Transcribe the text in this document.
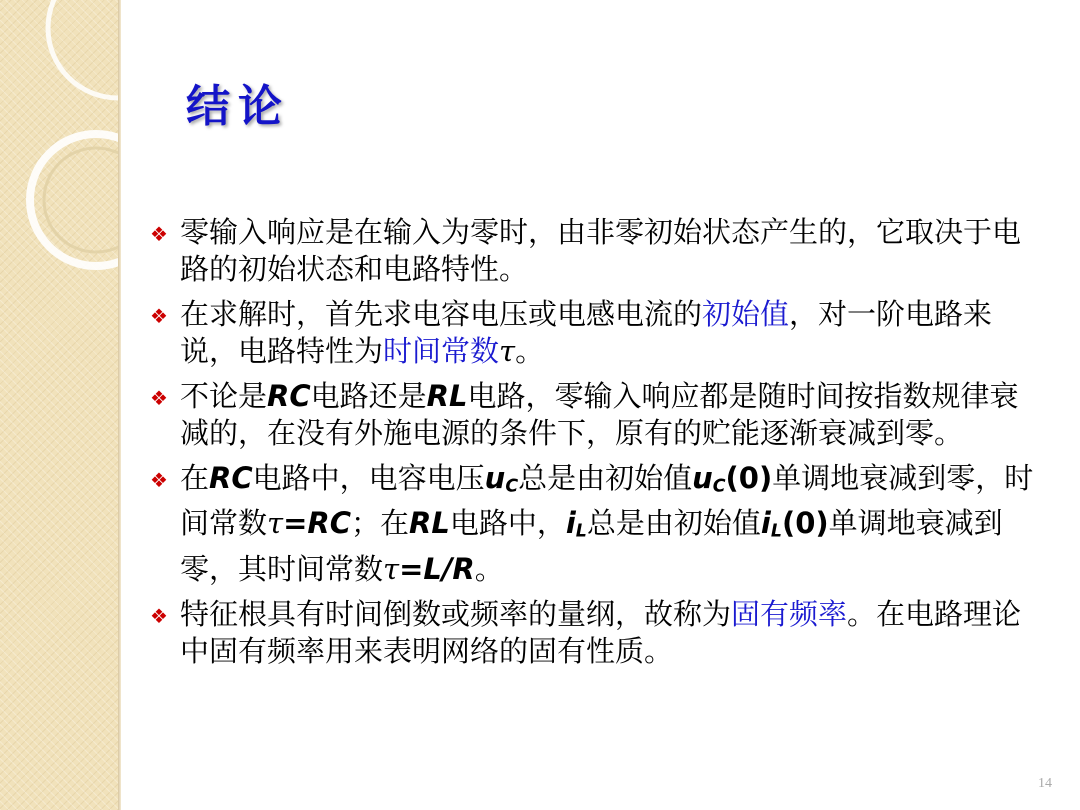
结论
❖ 零输入响应是在输入为零时，由非零初始状态产生的，它取决于电路的初始状态和电路特性。
❖ 在求解时，首先求电容电压或电感电流的初始值，对一阶电路来说，电路特性为时间常数τ。
❖ 不论是RC电路还是RL电路，零输入响应都是随时间按指数规律衰减的，在没有外施电源的条件下，原有的贮能逐渐衰减到零。
❖ 在RC电路中，电容电压$u_C$总是由初始值$u_C(0)$单调地衰减到零，时间常数τ=RC；在RL电路中，$i_L$总是由初始值$i_L(0)$单调地衰减到零，其时间常数τ=L/R。
❖ 特征根具有时间倒数或频率的量纲，故称为固有频率。在电路理论中固有频率用来表明网络的固有性质。
14
